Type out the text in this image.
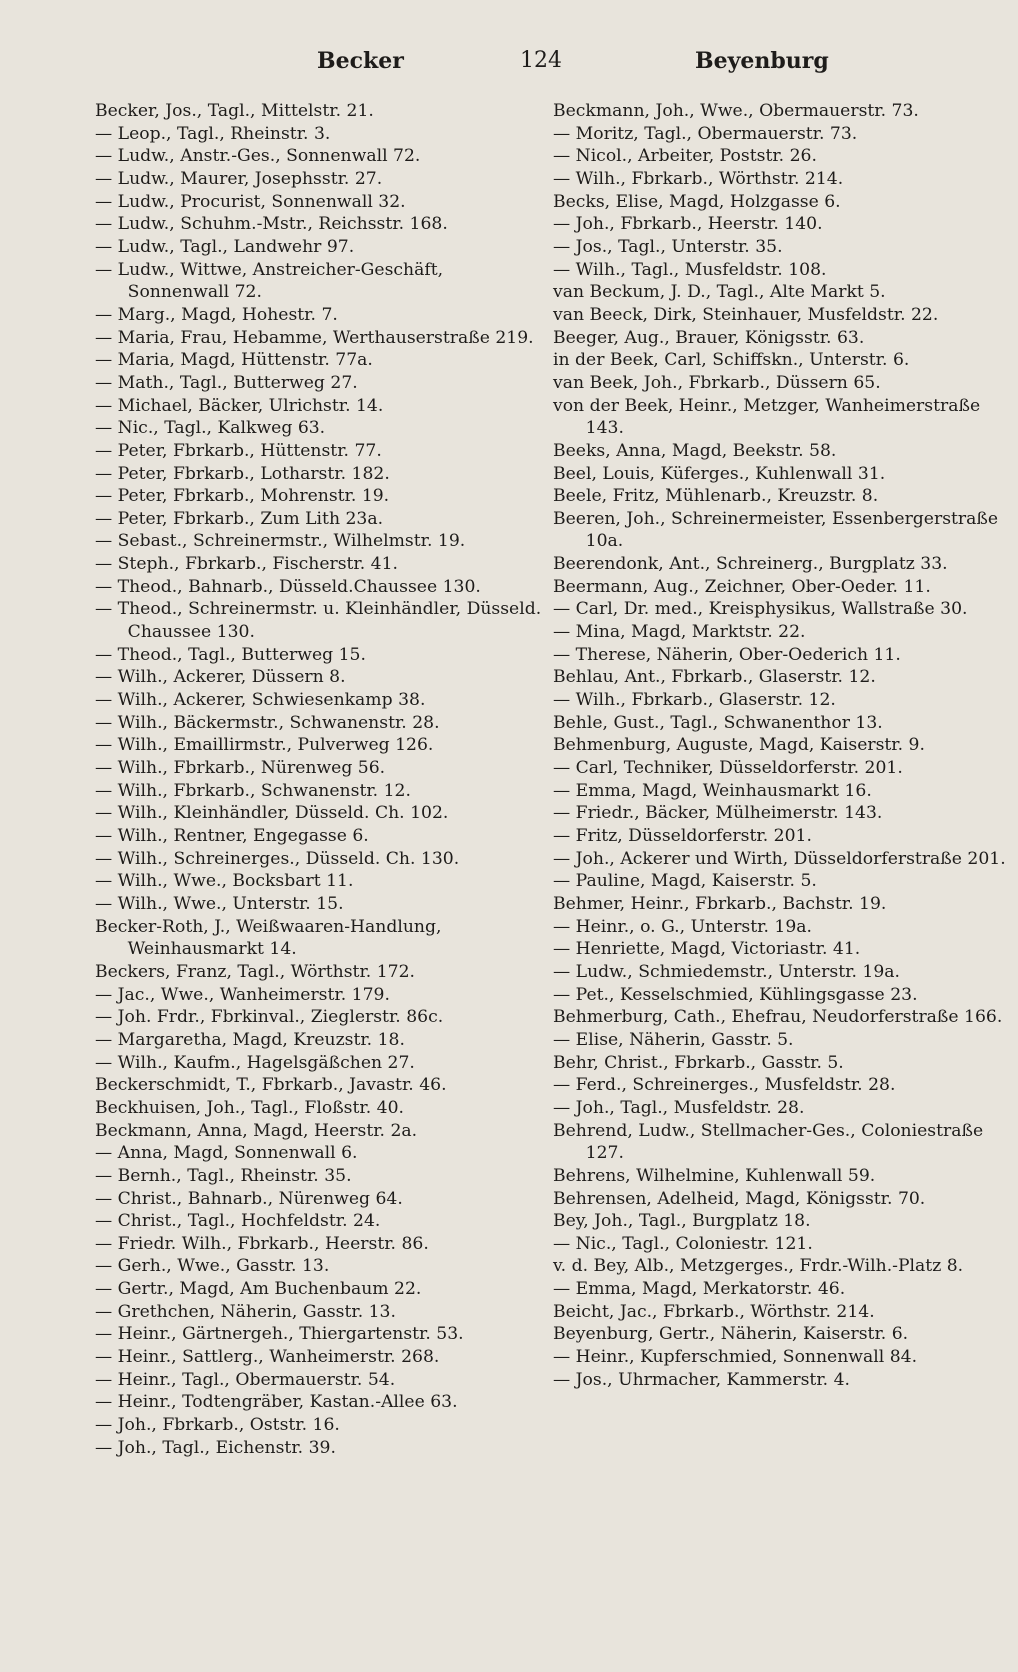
Becker	124	Beyenburg
Becker, Jos., Tagl., Mittelstr. 21.
— Leop., Tagl., Rheinstr. 3.
— Ludw., Anstr.-Ges., Sonnenwall 72.
— Ludw., Maurer, Josephsstr. 27.
— Ludw., Procurist, Sonnenwall 32.
— Ludw., Schuhm.-Mstr., Reichsstr. 168.
— Ludw., Tagl., Landwehr 97.
— Ludw., Wittwe, Anstreicher-Geschäft, Sonnenwall 72.
— Marg., Magd, Hohestr. 7.
— Maria, Frau, Hebamme, Werthauserstraße 219.
— Maria, Magd, Hüttenstr. 77a.
— Math., Tagl., Butterweg 27.
— Michael, Bäcker, Ulrichstr. 14.
— Nic., Tagl., Kalkweg 63.
— Peter, Fbrkarb., Hüttenstr. 77.
— Peter, Fbrkarb., Lotharstr. 182.
— Peter, Fbrkarb., Mohrenstr. 19.
— Peter, Fbrkarb., Zum Lith 23a.
— Sebast., Schreinermstr., Wilhelmstr. 19.
— Steph., Fbrkarb., Fischerstr. 41.
— Theod., Bahnarb., Düsseld.Chaussee 130.
— Theod., Schreinermstr. u. Kleinhändler, Düsseld. Chaussee 130.
— Theod., Tagl., Butterweg 15.
— Wilh., Ackerer, Düssern 8.
— Wilh., Ackerer, Schwiesenkamp 38.
— Wilh., Bäckermstr., Schwanenstr. 28.
— Wilh., Emaillirmstr., Pulverweg 126.
— Wilh., Fbrkarb., Nürenweg 56.
— Wilh., Fbrkarb., Schwanenstr. 12.
— Wilh., Kleinhändler, Düsseld. Ch. 102.
— Wilh., Rentner, Engegasse 6.
— Wilh., Schreinerges., Düsseld. Ch. 130.
— Wilh., Wwe., Bocksbart 11.
— Wilh., Wwe., Unterstr. 15.
Becker-Roth, J., Weißwaaren-Handlung, Weinhausmarkt 14.
Beckers, Franz, Tagl., Wörthstr. 172.
— Jac., Wwe., Wanheimerstr. 179.
— Joh. Frdr., Fbrkinval., Zieglerstr. 86c.
— Margaretha, Magd, Kreuzstr. 18.
— Wilh., Kaufm., Hagelsgäßchen 27.
Beckerschmidt, T., Fbrkarb., Javastr. 46.
Beckhuisen, Joh., Tagl., Floßstr. 40.
Beckmann, Anna, Magd, Heerstr. 2a.
— Anna, Magd, Sonnenwall 6.
— Bernh., Tagl., Rheinstr. 35.
— Christ., Bahnarb., Nürenweg 64.
— Christ., Tagl., Hochfeldstr. 24.
— Friedr. Wilh., Fbrkarb., Heerstr. 86.
— Gerh., Wwe., Gasstr. 13.
— Gertr., Magd, Am Buchenbaum 22.
— Grethchen, Näherin, Gasstr. 13.
— Heinr., Gärtnergeh., Thiergartenstr. 53.
— Heinr., Sattlerg., Wanheimerstr. 268.
— Heinr., Tagl., Obermauerstr. 54.
— Heinr., Todtengräber, Kastan.-Allee 63.
— Joh., Fbrkarb., Oststr. 16.
— Joh., Tagl., Eichenstr. 39.
Beckmann, Joh., Wwe., Obermauerstr. 73.
— Moritz, Tagl., Obermauerstr. 73.
— Nicol., Arbeiter, Poststr. 26.
— Wilh., Fbrkarb., Wörthstr. 214.
Becks, Elise, Magd, Holzgasse 6.
— Joh., Fbrkarb., Heerstr. 140.
— Jos., Tagl., Unterstr. 35.
— Wilh., Tagl., Musfeldstr. 108.
van Beckum, J. D., Tagl., Alte Markt 5.
van Beeck, Dirk, Steinhauer, Musfeldstr. 22.
Beeger, Aug., Brauer, Königsstr. 63.
in der Beek, Carl, Schiffskn., Unterstr. 6.
van Beek, Joh., Fbrkarb., Düssern 65.
von der Beek, Heinr., Metzger, Wanheimerstraße 143.
Beeks, Anna, Magd, Beekstr. 58.
Beel, Louis, Küferges., Kuhlenwall 31.
Beele, Fritz, Mühlenarb., Kreuzstr. 8.
Beeren, Joh., Schreinermeister, Essenbergerstraße 10a.
Beerendonk, Ant., Schreinerg., Burgplatz 33.
Beermann, Aug., Zeichner, Ober-Oeder. 11.
— Carl, Dr. med., Kreisphysikus, Wallstraße 30.
— Mina, Magd, Marktstr. 22.
— Therese, Näherin, Ober-Oederich 11.
Behlau, Ant., Fbrkarb., Glaserstr. 12.
— Wilh., Fbrkarb., Glaserstr. 12.
Behle, Gust., Tagl., Schwanenthor 13.
Behmenburg, Auguste, Magd, Kaiserstr. 9.
— Carl, Techniker, Düsseldorferstr. 201.
— Emma, Magd, Weinhausmarkt 16.
— Friedr., Bäcker, Mülheimerstr. 143.
— Fritz, Düsseldorferstr. 201.
— Joh., Ackerer und Wirth, Düsseldorferstraße 201.
— Pauline, Magd, Kaiserstr. 5.
Behmer, Heinr., Fbrkarb., Bachstr. 19.
— Heinr., o. G., Unterstr. 19a.
— Henriette, Magd, Victoriastr. 41.
— Ludw., Schmiedemstr., Unterstr. 19a.
— Pet., Kesselschmied, Kühlingsgasse 23.
Behmerburg, Cath., Ehefrau, Neudorferstraße 166.
— Elise, Näherin, Gasstr. 5.
Behr, Christ., Fbrkarb., Gasstr. 5.
— Ferd., Schreinerges., Musfeldstr. 28.
— Joh., Tagl., Musfeldstr. 28.
Behrend, Ludw., Stellmacher-Ges., Coloniestraße 127.
Behrens, Wilhelmine, Kuhlenwall 59.
Behrensen, Adelheid, Magd, Königsstr. 70.
Bey, Joh., Tagl., Burgplatz 18.
— Nic., Tagl., Coloniestr. 121.
v. d. Bey, Alb., Metzgerges., Frdr.-Wilh.-Platz 8.
— Emma, Magd, Merkatorstr. 46.
Beicht, Jac., Fbrkarb., Wörthstr. 214.
Beyenburg, Gertr., Näherin, Kaiserstr. 6.
— Heinr., Kupferschmied, Sonnenwall 84.
— Jos., Uhrmacher, Kammerstr. 4.
